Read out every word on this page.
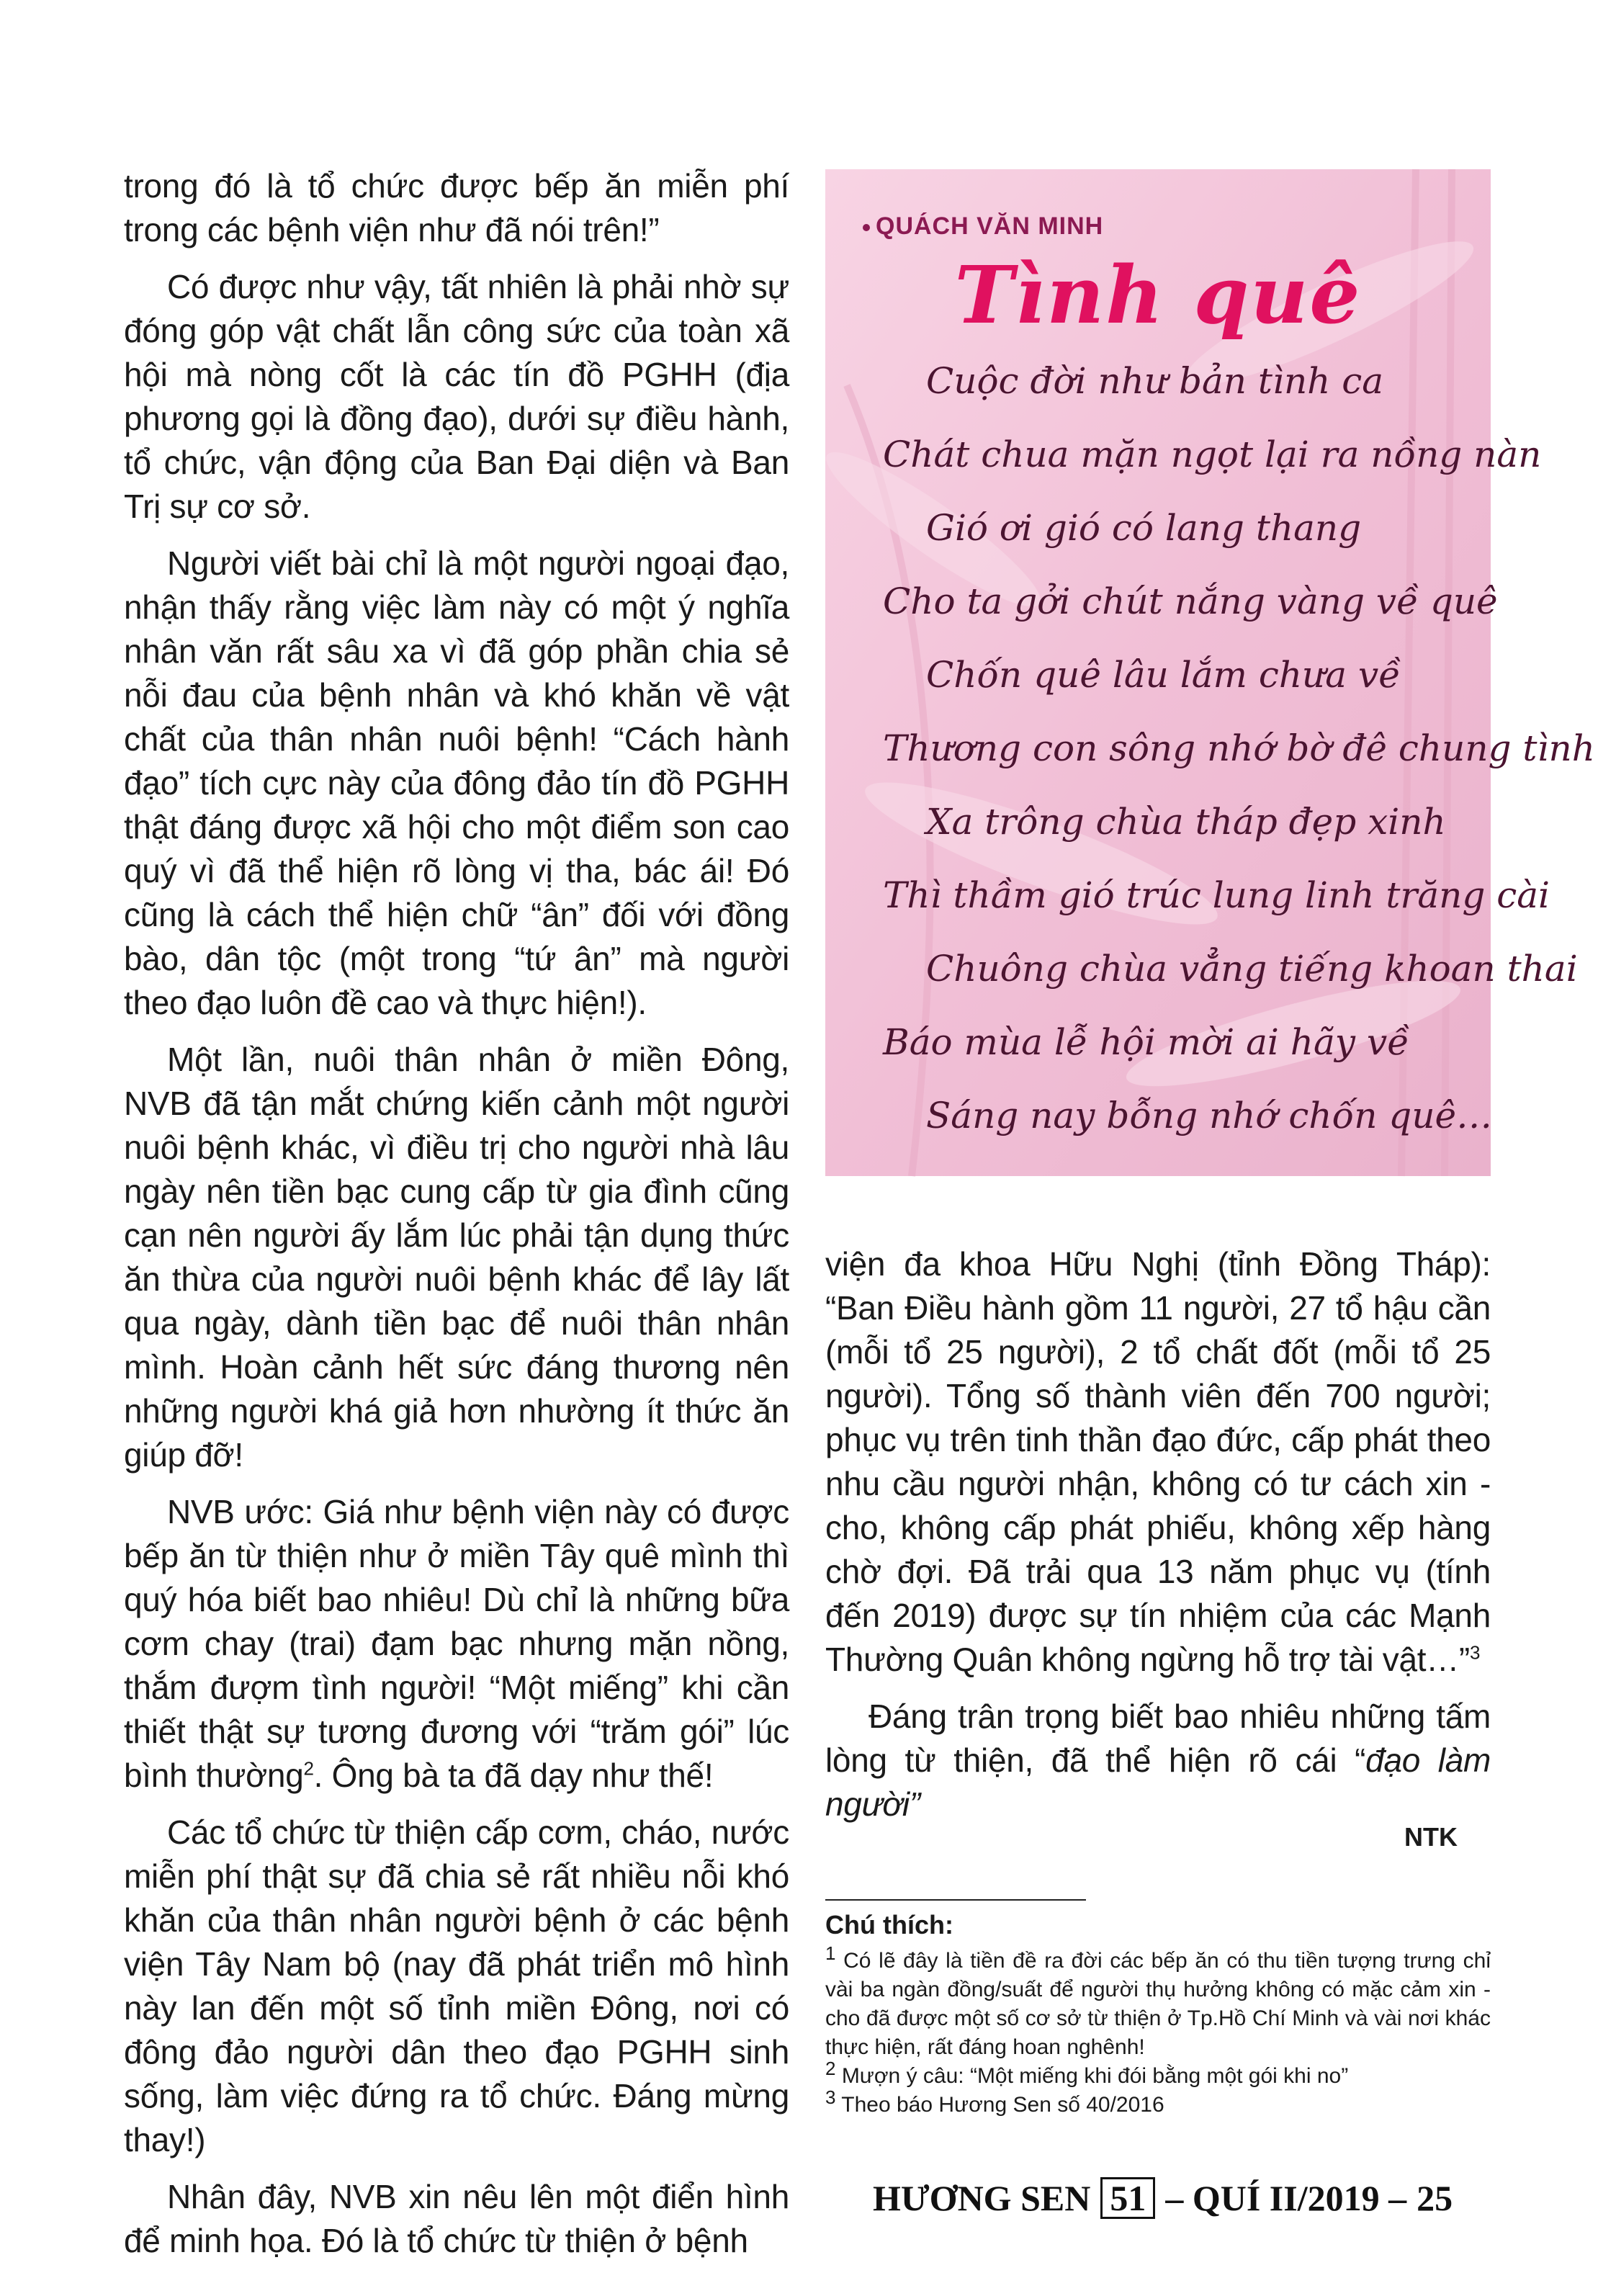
trong đó là tổ chức được bếp ăn miễn phí trong các bệnh viện như đã nói trên!”

Có được như vậy, tất nhiên là phải nhờ sự đóng góp vật chất lẫn công sức của toàn xã hội mà nòng cốt là các tín đồ PGHH (địa phương gọi là đồng đạo), dưới sự điều hành, tổ chức, vận động của Ban Đại diện và Ban Trị sự cơ sở.

Người viết bài chỉ là một người ngoại đạo, nhận thấy rằng việc làm này có một ý nghĩa nhân văn rất sâu xa vì đã góp phần chia sẻ nỗi đau của bệnh nhân và khó khăn về vật chất của thân nhân nuôi bệnh! “Cách hành đạo” tích cực này của đông đảo tín đồ PGHH thật đáng được xã hội cho một điểm son cao quý vì đã thể hiện rõ lòng vị tha, bác ái! Đó cũng là cách thể hiện chữ “ân” đối với đồng bào, dân tộc (một trong “tứ ân” mà người theo đạo luôn đề cao và thực hiện!).

Một lần, nuôi thân nhân ở miền Đông, NVB đã tận mắt chứng kiến cảnh một người nuôi bệnh khác, vì điều trị cho người nhà lâu ngày nên tiền bạc cung cấp từ gia đình cũng cạn nên người ấy lắm lúc phải tận dụng thức ăn thừa của người nuôi bệnh khác để lây lất qua ngày, dành tiền bạc để nuôi thân nhân mình. Hoàn cảnh hết sức đáng thương nên những người khá giả hơn nhường ít thức ăn giúp đỡ!

NVB ước: Giá như bệnh viện này có được bếp ăn từ thiện như ở miền Tây quê mình thì quý hóa biết bao nhiêu! Dù chỉ là những bữa cơm chay (trai) đạm bạc nhưng mặn nồng, thắm đượm tình người! “Một miếng” khi cần thiết thật sự tương đương với “trăm gói” lúc bình thường$^2$. Ông bà ta đã dạy như thế!

Các tổ chức từ thiện cấp cơm, cháo, nước miễn phí thật sự đã chia sẻ rất nhiều nỗi khó khăn của thân nhân người bệnh ở các bệnh viện Tây Nam bộ (nay đã phát triển mô hình này lan đến một số tỉnh miền Đông, nơi có đông đảo người dân theo đạo PGHH sinh sống, làm việc đứng ra tổ chức. Đáng mừng thay!)

Nhân đây, NVB xin nêu lên một điển hình để minh họa. Đó là tổ chức từ thiện ở bệnh

QUÁCH VĂN MINH
Tình quê
Cuộc đời như bản tình ca
Chát chua mặn ngọt lại ra nồng nàn
Gió ơi gió có lang thang
Cho ta gởi chút nắng vàng về quê
Chốn quê lâu lắm chưa về
Thương con sông nhớ bờ đê chung tình
Xa trông chùa tháp đẹp xinh
Thì thầm gió trúc lung linh trăng cài
Chuông chùa vẳng tiếng khoan thai
Báo mùa lễ hội mời ai hãy về
Sáng nay bỗng nhớ chốn quê…

viện đa khoa Hữu Nghị (tỉnh Đồng Tháp): “Ban Điều hành gồm 11 người, 27 tổ hậu cần (mỗi tổ 25 người), 2 tổ chất đốt (mỗi tổ 25 người). Tổng số thành viên đến 700 người; phục vụ trên tinh thần đạo đức, cấp phát theo nhu cầu người nhận, không có tư cách xin - cho, không cấp phát phiếu, không xếp hàng chờ đợi. Đã trải qua 13 năm phục vụ (tính đến 2019) được sự tín nhiệm của các Mạnh Thường Quân không ngừng hỗ trợ tài vật…”$^3$

Đáng trân trọng biết bao nhiêu những tấm lòng từ thiện, đã thể hiện rõ cái “đạo làm người”

NTK
Chú thích:

$^1$ Có lẽ đây là tiền đề ra đời các bếp ăn có thu tiền tượng trưng chỉ vài ba ngàn đồng/suất để người thụ hưởng không có mặc cảm xin - cho đã được một số cơ sở từ thiện ở Tp.Hồ Chí Minh và vài nơi khác thực hiện, rất đáng hoan nghênh!

$^2$ Mượn ý câu: “Một miếng khi đói bằng một gói khi no”

$^3$ Theo báo Hương Sen số 40/2016

HƯƠNG SEN 51 – QUÍ II/2019 – 25
